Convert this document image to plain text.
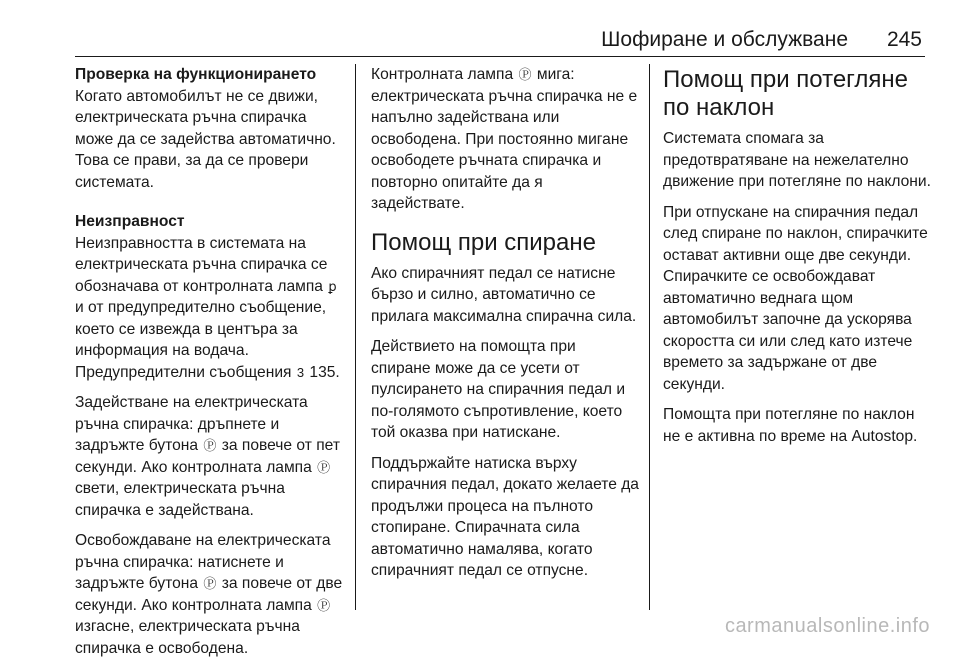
Шофиране и обслужване 245
Проверка на функционирането

Когато автомобилът не се движи, електрическата ръчна спирачка може да се задейства автоматично. Това се прави, за да се провери системата.

Неизправност

Неизправността в системата на електрическата ръчна спирачка се обозначава от контролната лампа ꝑ и от предупредително съобщение, което се извежда в центъра за информация на водача. Предупредителни съобщения 3 135.

Задействане на електрическата ръчна спирачка: дръпнете и задръжте бутона Ⓟ за повече от пет секунди. Ако контролната лампа Ⓟ свети, електрическата ръчна спирачка е задействана.

Освобождаване на електрическата ръчна спирачка: натиснете и задръжте бутона Ⓟ за повече от две секунди. Ако контролната лампа Ⓟ изгасне, електрическата ръчна спирачка е освободена.

Контролната лампа Ⓟ мига: електрическата ръчна спирачка не е напълно задействана или освободена. При постоянно мигане освободете ръчната спирачка и повторно опитайте да я задействате.

Помощ при спиране

Ако спирачният педал се натисне бързо и силно, автоматично се прилага максимална спирачна сила.

Действието на помощта при спиране може да се усети от пулсирането на спирачния педал и по-голямото съпротивление, което той оказва при натискане.

Поддържайте натиска върху спирачния педал, докато желаете да продължи процеса на пълното стопиране. Спирачната сила автоматично намалява, когато спирачният педал се отпусне.

Помощ при потегляне по наклон

Системата спомага за предотвратяване на нежелателно движение при потегляне по наклони.

При отпускане на спирачния педал след спиране по наклон, спирачките остават активни още две секунди. Спирачките се освобождават автоматично веднага щом автомобилът започне да ускорява скоростта си или след като изтече времето за задържане от две секунди.

Помощта при потегляне по наклон не е активна по време на Autostop.

carmanualsonline.info
